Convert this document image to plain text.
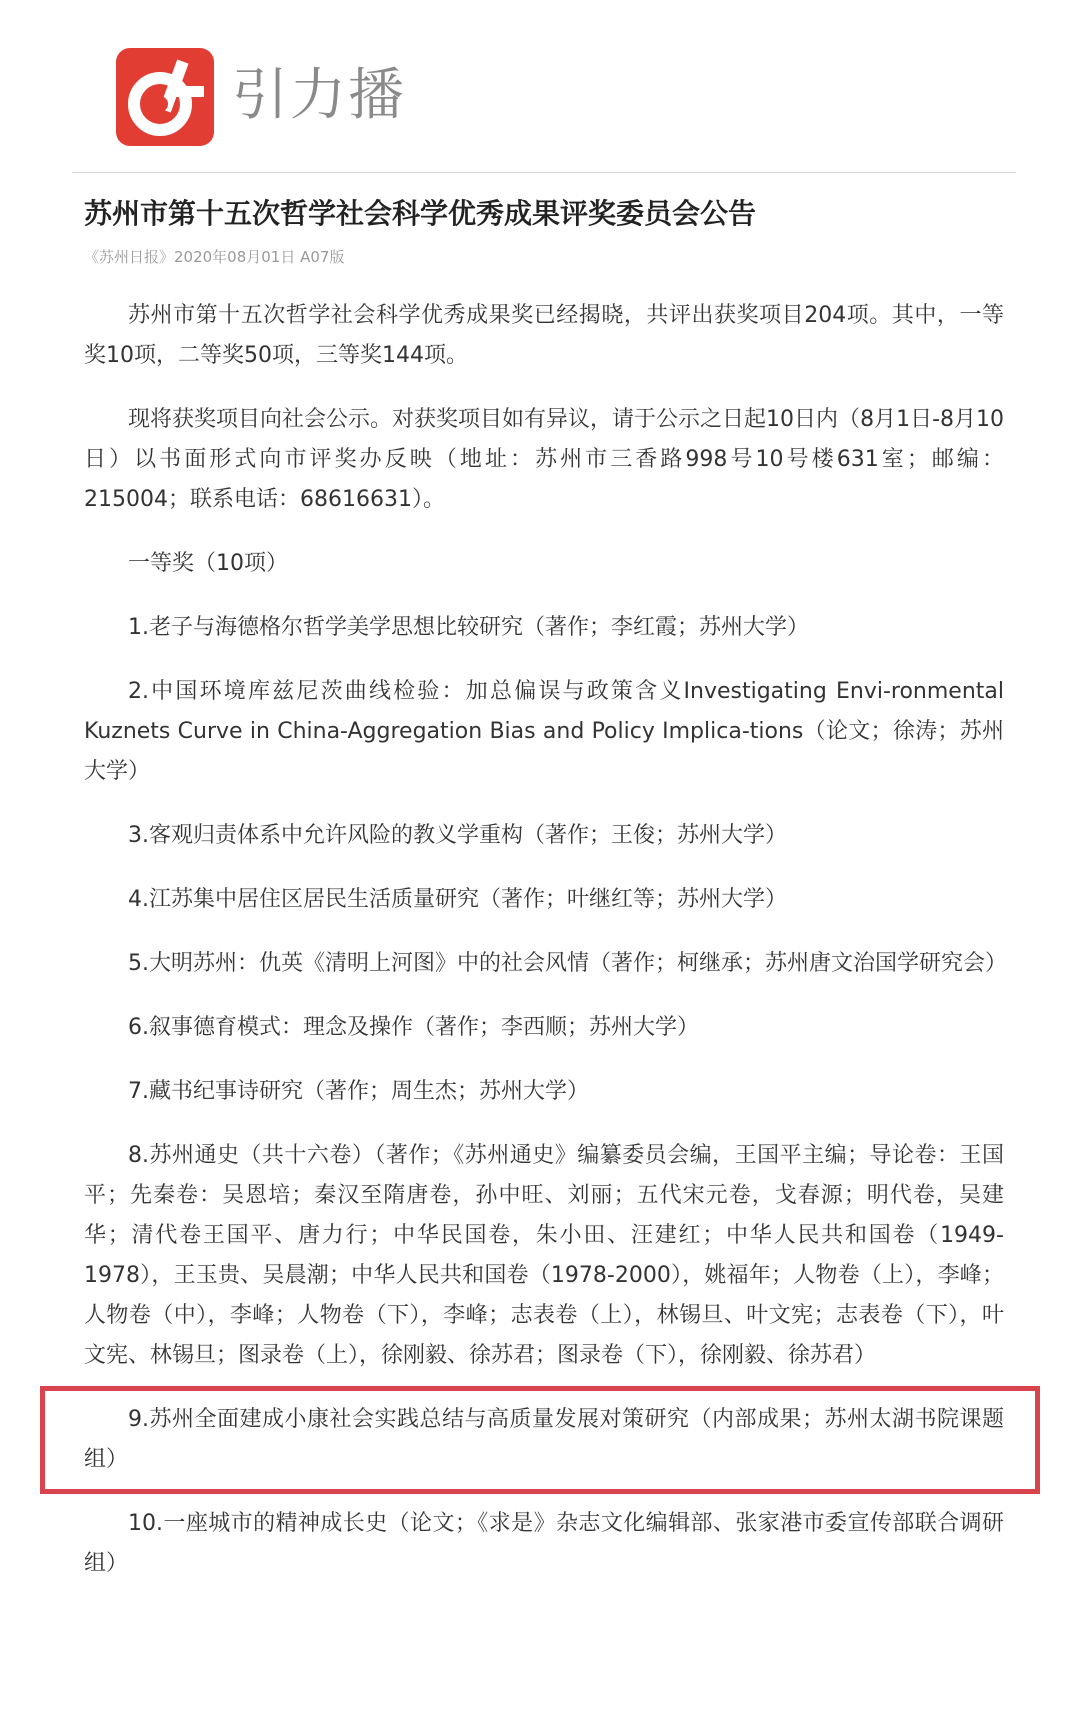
引力播
苏州市第十五次哲学社会科学优秀成果评奖委员会公告
《苏州日报》2020年08月01日 A07版

苏州市第十五次哲学社会科学优秀成果奖已经揭晓，共评出获奖项目204项。其中，一等奖10项，二等奖50项，三等奖144项。

现将获奖项目向社会公示。对获奖项目如有异议，请于公示之日起10日内（8月1日-8月10日）以书面形式向市评奖办反映（地址：苏州市三香路998号10号楼631室；邮编：215004；联系电话：68616631）。

一等奖（10项）

1.老子与海德格尔哲学美学思想比较研究（著作；李红霞；苏州大学）

2.中国环境库兹尼茨曲线检验：加总偏误与政策含义Investigating Envi-ronmental Kuznets Curve in China-Aggregation Bias and Policy Implica-tions（论文；徐涛；苏州大学）

3.客观归责体系中允许风险的教义学重构（著作；王俊；苏州大学）

4.江苏集中居住区居民生活质量研究（著作；叶继红等；苏州大学）

5.大明苏州：仇英《清明上河图》中的社会风情（著作；柯继承；苏州唐文治国学研究会）

6.叙事德育模式：理念及操作（著作；李西顺；苏州大学）

7.藏书纪事诗研究（著作；周生杰；苏州大学）

8.苏州通史（共十六卷）（著作；《苏州通史》编纂委员会编，王国平主编；导论卷：王国平；先秦卷：吴恩培；秦汉至隋唐卷，孙中旺、刘丽；五代宋元卷，戈春源；明代卷，吴建华；清代卷王国平、唐力行；中华民国卷，朱小田、汪建红；中华人民共和国卷（1949-1978），王玉贵、吴晨潮；中华人民共和国卷（1978-2000），姚福年；人物卷（上），李峰；人物卷（中），李峰；人物卷（下），李峰；志表卷（上），林锡旦、叶文宪；志表卷（下），叶文宪、林锡旦；图录卷（上），徐刚毅、徐苏君；图录卷（下），徐刚毅、徐苏君）

9.苏州全面建成小康社会实践总结与高质量发展对策研究（内部成果；苏州太湖书院课题组）

10.一座城市的精神成长史（论文；《求是》杂志文化编辑部、张家港市委宣传部联合调研组）
